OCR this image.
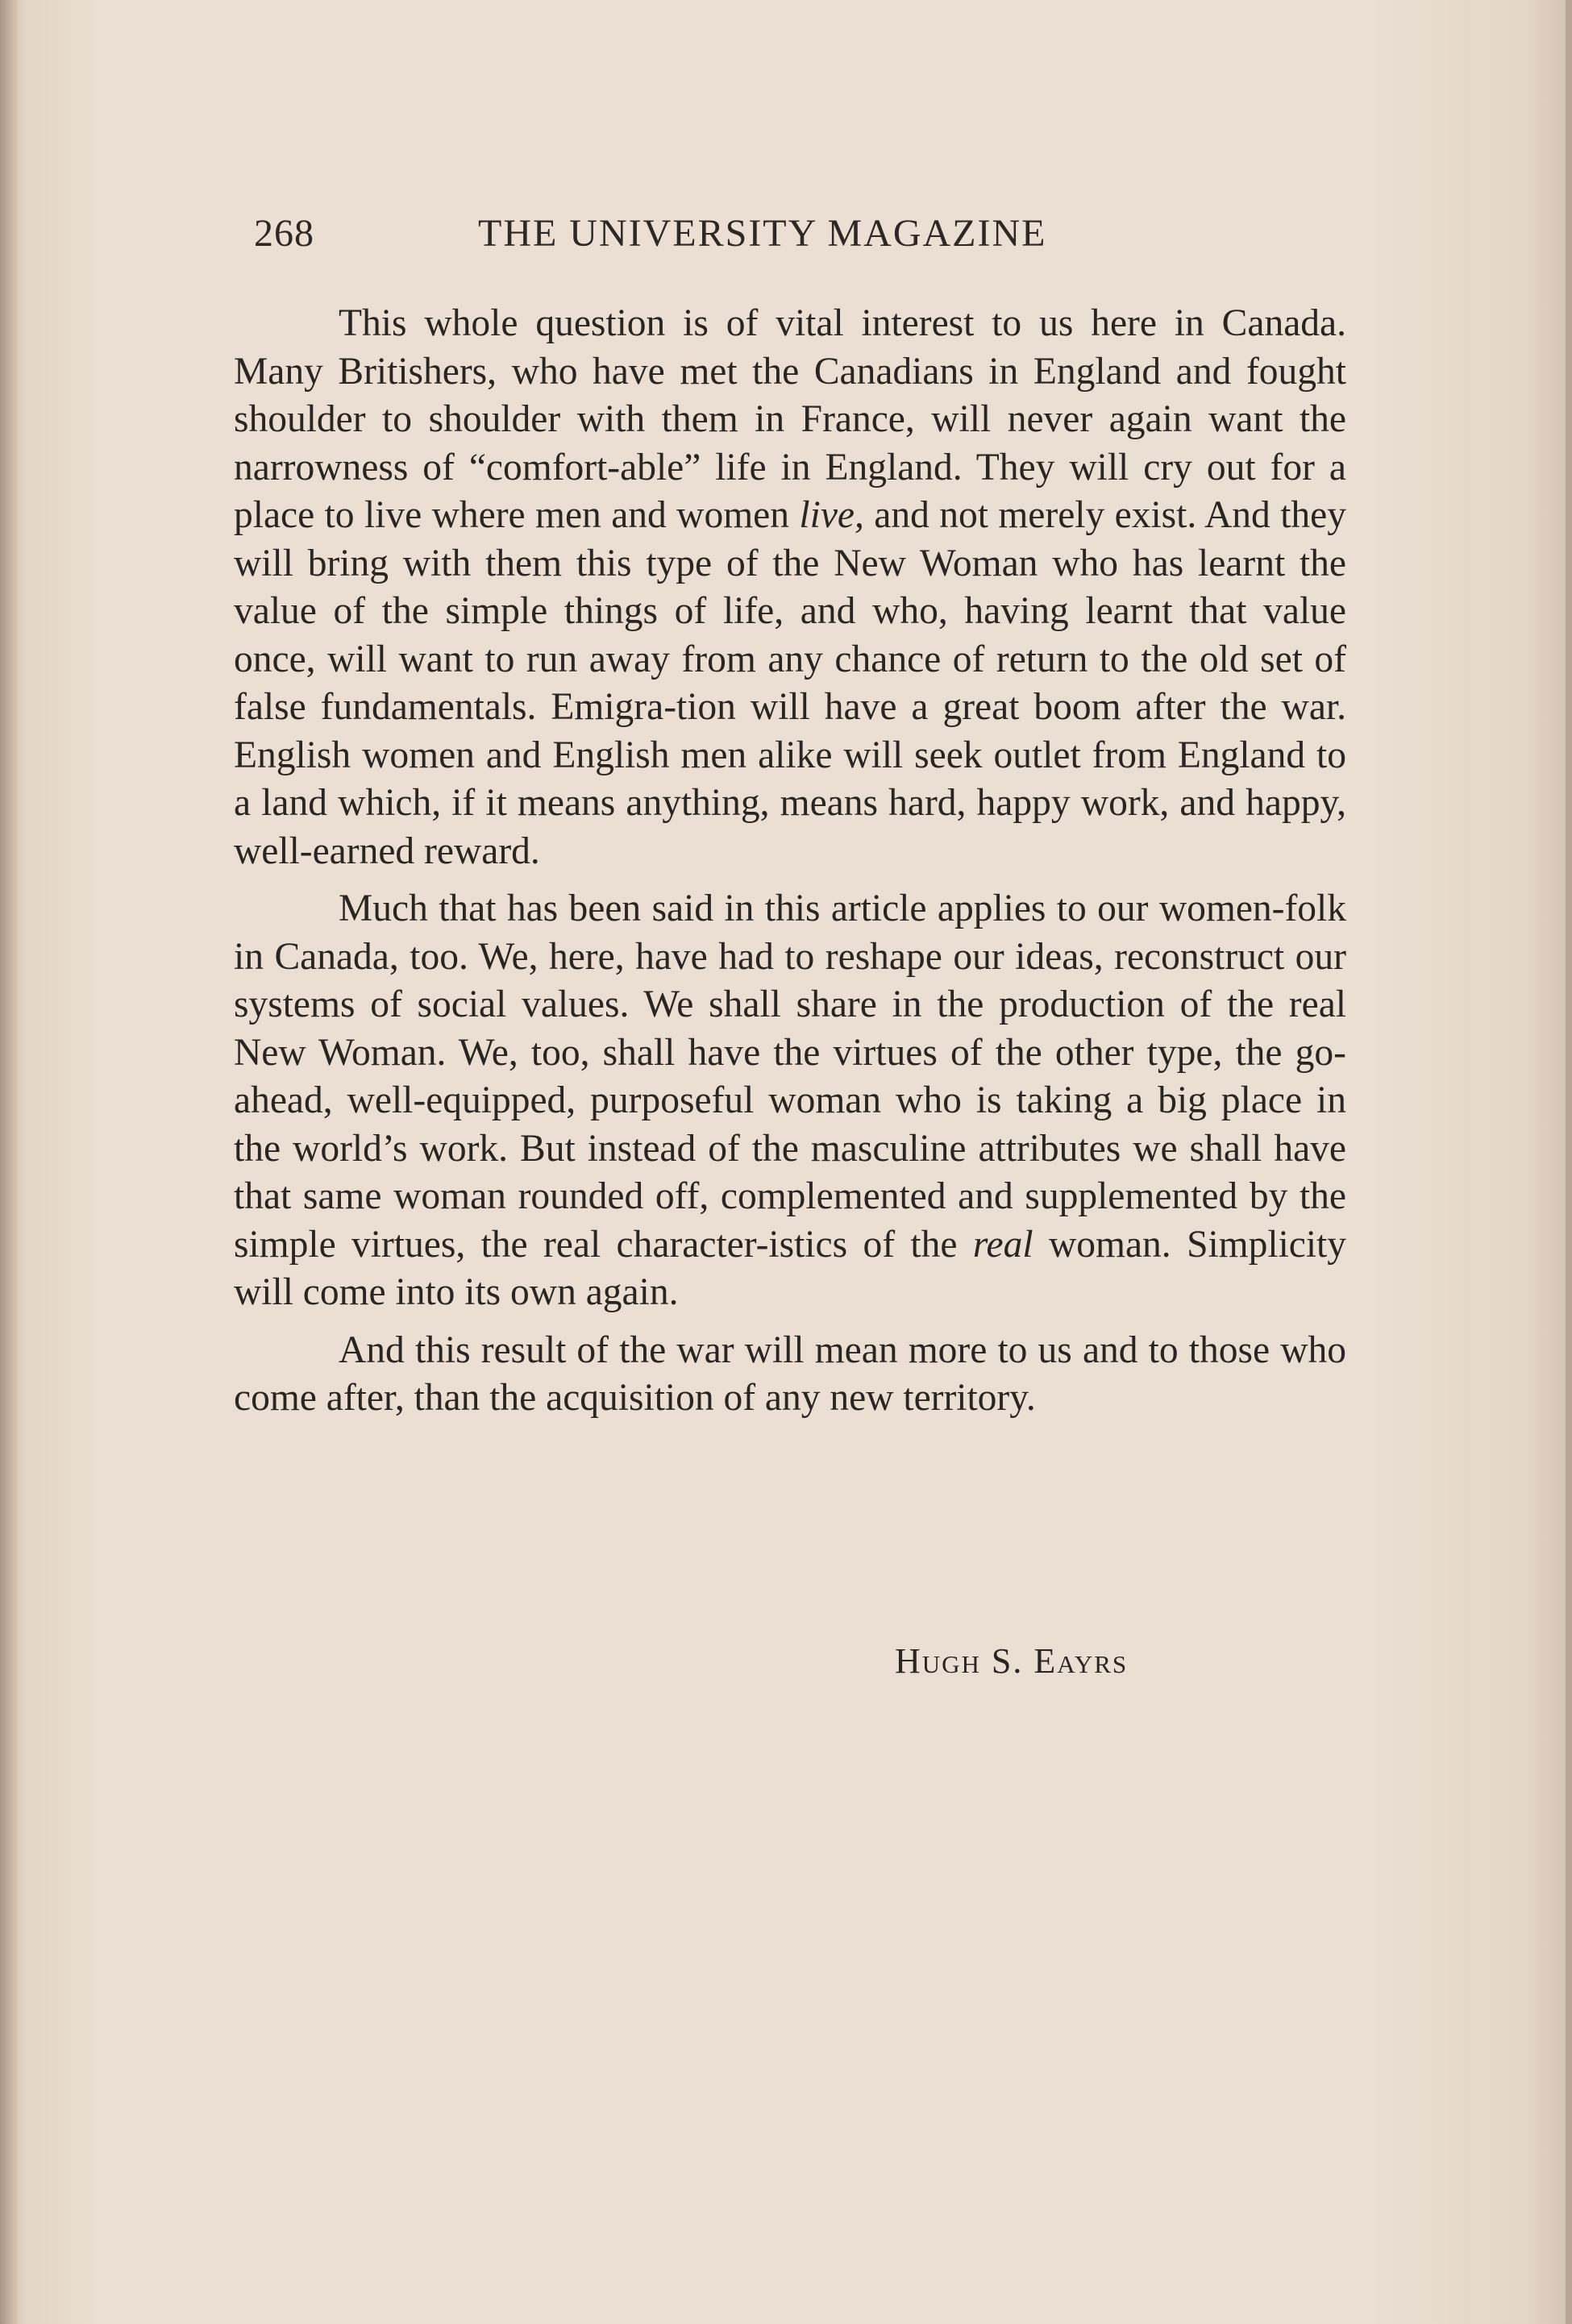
268	THE UNIVERSITY MAGAZINE

This whole question is of vital interest to us here in Canada. Many Britishers, who have met the Canadians in England and fought shoulder to shoulder with them in France, will never again want the narrowness of “comfort-able” life in England. They will cry out for a place to live where men and women live, and not merely exist. And they will bring with them this type of the New Woman who has learnt the value of the simple things of life, and who, having learnt that value once, will want to run away from any chance of return to the old set of false fundamentals. Emigra-tion will have a great boom after the war. English women and English men alike will seek outlet from England to a land which, if it means anything, means hard, happy work, and happy, well-earned reward.

Much that has been said in this article applies to our women-folk in Canada, too. We, here, have had to reshape our ideas, reconstruct our systems of social values. We shall share in the production of the real New Woman. We, too, shall have the virtues of the other type, the go-ahead, well-equipped, purposeful woman who is taking a big place in the world’s work. But instead of the masculine attributes we shall have that same woman rounded off, complemented and supplemented by the simple virtues, the real character-istics of the real woman. Simplicity will come into its own again.

And this result of the war will mean more to us and to those who come after, than the acquisition of any new territory.

Hugh S. Eayrs
